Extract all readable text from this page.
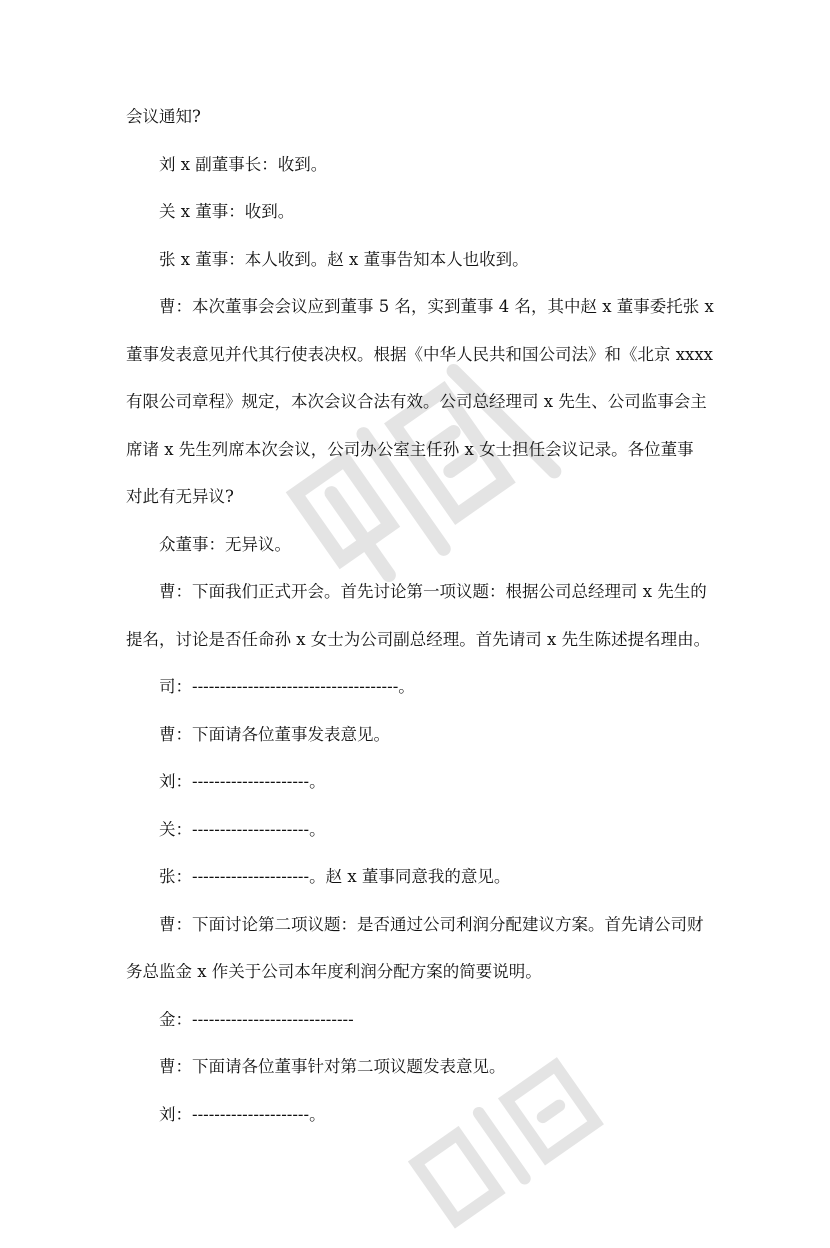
会议通知?

刘 x 副董事长：收到。

关 x 董事：收到。

张 x 董事：本人收到。赵 x 董事告知本人也收到。

曹：本次董事会会议应到董事 5 名，实到董事 4 名，其中赵 x 董事委托张 x

董事发表意见并代其行使表决权。根据《中华人民共和国公司法》和《北京 xxxx

有限公司章程》规定，本次会议合法有效。公司总经理司 x 先生、公司监事会主

席诸 x 先生列席本次会议，公司办公室主任孙 x 女士担任会议记录。各位董事

对此有无异议?

众董事：无异议。

曹：下面我们正式开会。首先讨论第一项议题：根据公司总经理司 x 先生的

提名，讨论是否任命孙 x 女士为公司副总经理。首先请司 x 先生陈述提名理由。

司：-------------------------------------。

曹：下面请各位董事发表意见。

刘：---------------------。

关：---------------------。

张：---------------------。赵 x 董事同意我的意见。

曹：下面讨论第二项议题：是否通过公司利润分配建议方案。首先请公司财

务总监金 x 作关于公司本年度利润分配方案的简要说明。

金：-----------------------------

曹：下面请各位董事针对第二项议题发表意见。

刘：---------------------。
